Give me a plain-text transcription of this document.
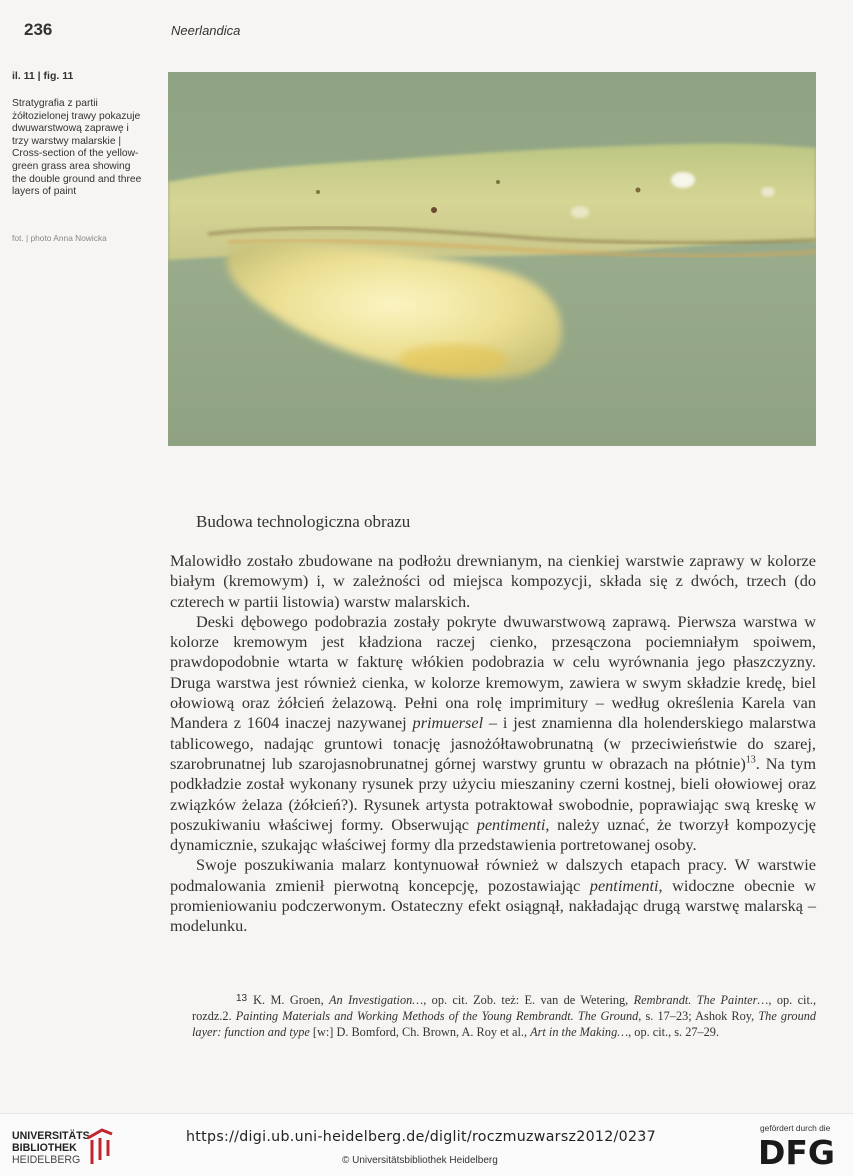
236	Neerlandica
il. 11 | fig. 11
Stratygrafia z partii żółtozielonej trawy pokazuje dwuwarstwową zaprawę i trzy warstwy malarskie | Cross-section of the yellow-green grass area showing the double ground and three layers of paint
fot. | photo Anna Nowicka
Budowa technologiczna obrazu

Malowidło zostało zbudowane na podłożu drewnianym, na cienkiej warstwie zaprawy w kolorze białym (kremowym) i, w zależności od miejsca kompozycji, składa się z dwóch, trzech (do czterech w partii listowia) warstw malarskich.

Deski dębowego podobrazia zostały pokryte dwuwarstwową zaprawą. Pierwsza warstwa w kolorze kremowym jest kładziona raczej cienko, przesączona pociemniałym spoiwem, prawdopodobnie wtarta w fakturę włókien podobrazia w celu wyrównania jego płaszczyzny. Druga warstwa jest również cienka, w kolorze kremowym, zawiera w swym składzie kredę, biel ołowiową oraz żółcień żelazową. Pełni ona rolę imprimitury – według określenia Karela van Mandera z 1604 inaczej nazywanej primuersel – i jest znamienna dla holenderskiego malarstwa tablicowego, nadając gruntowi tonację jasnożółtawobrunatną (w przeciwieństwie do szarej, szarobrunatnej lub szarojasnobrunatnej górnej warstwy gruntu w obrazach na płótnie)$^{13}$. Na tym podkładzie został wykonany rysunek przy użyciu mieszaniny czerni kostnej, bieli ołowiowej oraz związków żelaza (żółcień?). Rysunek artysta potraktował swobodnie, poprawiając swą kreskę w poszukiwaniu właściwej formy. Obserwując pentimenti, należy uznać, że tworzył kompozycję dynamicznie, szukając właściwej formy dla przedstawienia portretowanej osoby.

Swoje poszukiwania malarz kontynuował również w dalszych etapach pracy. W warstwie podmalowania zmienił pierwotną koncepcję, pozostawiając pentimenti, widoczne obecnie w promieniowaniu podczerwonym. Ostateczny efekt osiągnął, nakładając drugą warstwę malarską – modelunku.

$^{13}$ K. M. Groen, An Investigation…, op. cit. Zob. też: E. van de Wetering, Rembrandt. The Painter…, op. cit., rozdz.2. Painting Materials and Working Methods of the Young Rembrandt. The Ground, s. 17–23; Ashok Roy, The ground layer: function and type [w:] D. Bomford, Ch. Brown, A. Roy et al., Art in the Making…, op. cit., s. 27–29.
UNIVERSITÄTS-
BIBLIOTHEK
HEIDELBERG
https://digi.ub.uni-heidelberg.de/diglit/roczmuzwarsz2012/0237
© Universitätsbibliothek Heidelberg
gefördert durch die
DFG
